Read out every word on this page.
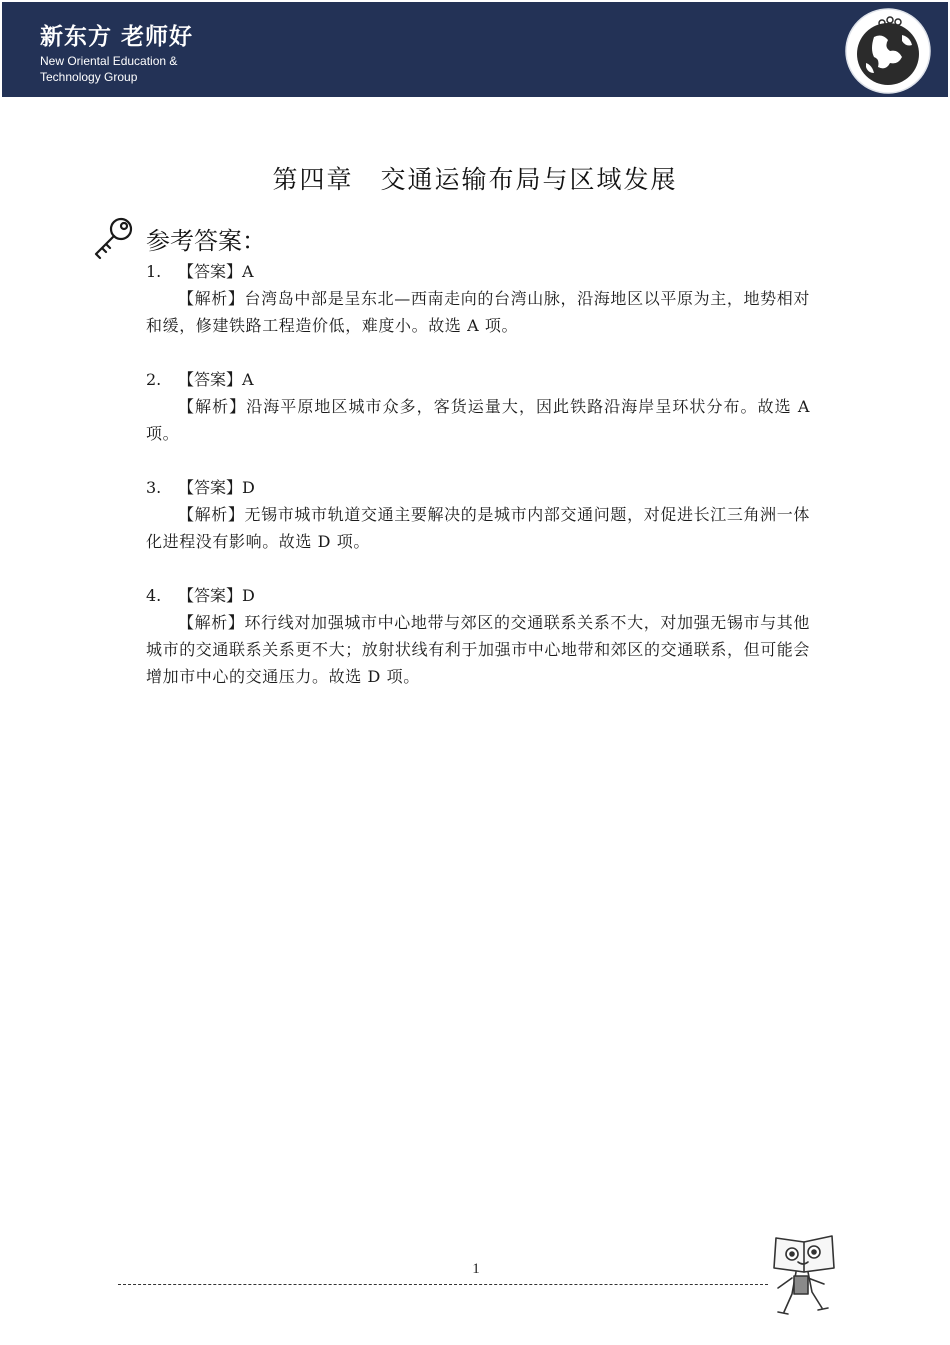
新东方 老师好
New Oriental Education &
Technology Group
第四章　交通运输布局与区域发展
参考答案：
1. 【答案】A
【解析】台湾岛中部是呈东北—西南走向的台湾山脉，沿海地区以平原为主，地势相对和缓，修建铁路工程造价低，难度小。故选 A 项。
2. 【答案】A
【解析】沿海平原地区城市众多，客货运量大，因此铁路沿海岸呈环状分布。故选 A 项。
3. 【答案】D
【解析】无锡市城市轨道交通主要解决的是城市内部交通问题，对促进长江三角洲一体化进程没有影响。故选 D 项。
4. 【答案】D
【解析】环行线对加强城市中心地带与郊区的交通联系关系不大，对加强无锡市与其他城市的交通联系关系更不大；放射状线有利于加强市中心地带和郊区的交通联系，但可能会增加市中心的交通压力。故选 D 项。
1
